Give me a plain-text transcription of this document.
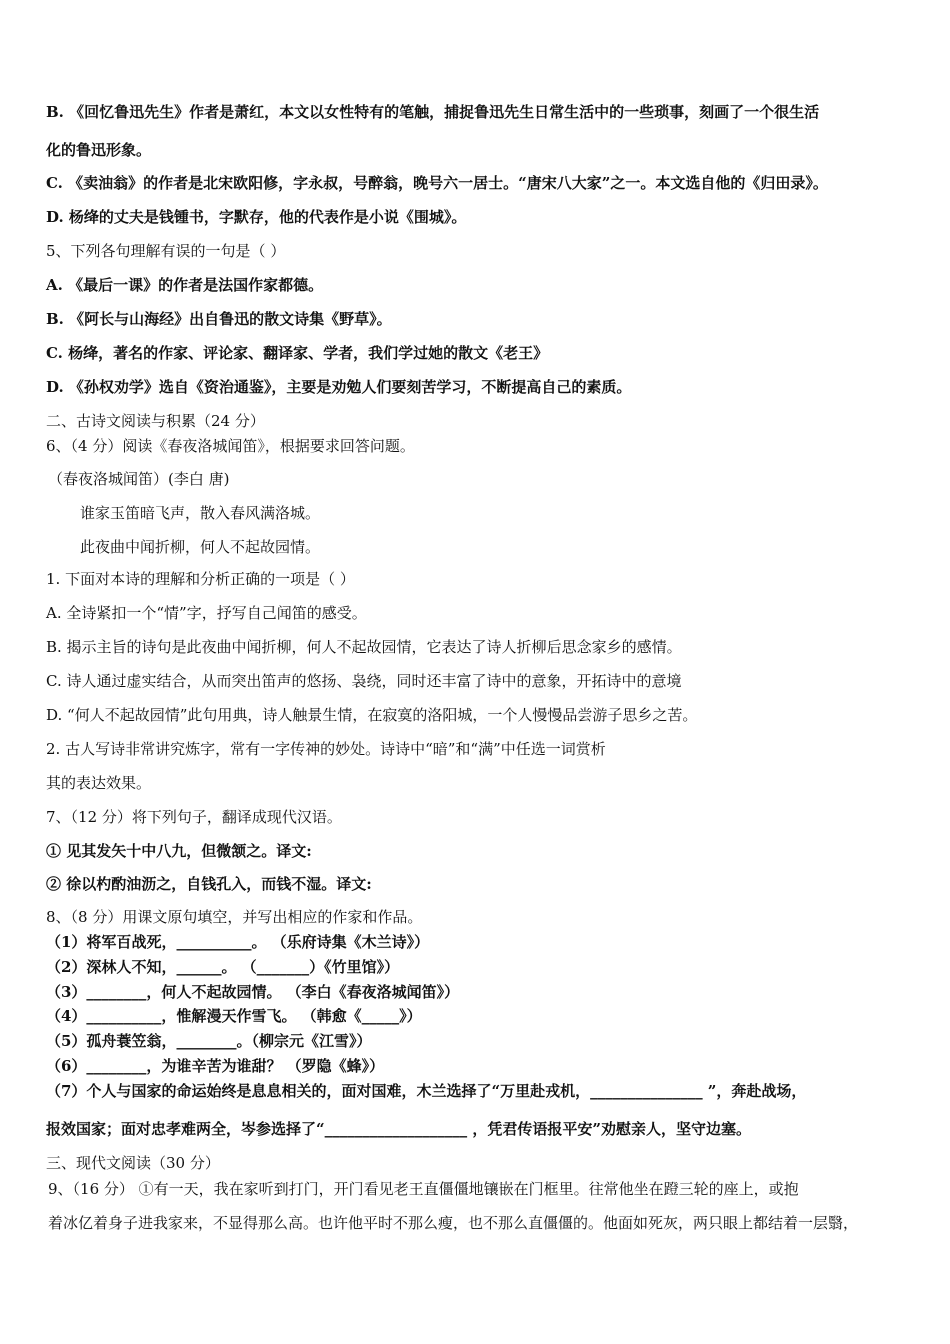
B. 《回忆鲁迅先生》作者是萧红，本文以女性特有的笔触，捕捉鲁迅先生日常生活中的一些琐事，刻画了一个很生活
化的鲁迅形象。
C. 《卖油翁》的作者是北宋欧阳修，字永叔，号醉翁，晚号六一居士。“唐宋八大家”之一。本文选自他的《归田录》。
D. 杨绛的丈夫是钱锺书，字默存，他的代表作是小说《围城》。
5、下列各句理解有误的一句是（ ）
A. 《最后一课》的作者是法国作家都德。
B. 《阿长与山海经》出自鲁迅的散文诗集《野草》。
C. 杨绛，著名的作家、评论家、翻译家、学者，我们学过她的散文《老王》
D. 《孙权劝学》选自《资治通鉴》，主要是劝勉人们要刻苦学习，不断提高自己的素质。
二、古诗文阅读与积累（24 分）
6、（4 分）阅读《春夜洛城闻笛》，根据要求回答问题。
（春夜洛城闻笛）(李白 唐)
谁家玉笛暗飞声，散入春风满洛城。
此夜曲中闻折柳，何人不起故园情。
1. 下面对本诗的理解和分析正确的一项是（ ）
A. 全诗紧扣一个“情”字，抒写自己闻笛的感受。
B. 揭示主旨的诗句是此夜曲中闻折柳，何人不起故园情，它表达了诗人折柳后思念家乡的感情。
C. 诗人通过虚实结合，从而突出笛声的悠扬、袅绕，同时还丰富了诗中的意象，开拓诗中的意境
D. “何人不起故园情”此句用典，诗人触景生情，在寂寞的洛阳城，一个人慢慢品尝游子思乡之苦。
2. 古人写诗非常讲究炼字，常有一字传神的妙处。诗诗中“暗”和“满”中任选一词赏析
其的表达效果。
7、（12 分）将下列句子，翻译成现代汉语。
① 见其发矢十中八九，但微颔之。译文:
② 徐以杓酌油沥之，自钱孔入，而钱不湿。译文:
8、（8 分）用课文原句填空，并写出相应的作家和作品。
（1）将军百战死，__________。 （乐府诗集《木兰诗》）
（2）深林人不知，______。 （_______）《竹里馆》）
（3）________，何人不起故园情。 （李白《春夜洛城闻笛》）
（4）__________，惟解漫天作雪飞。 （韩愈《_____》）
（5）孤舟蓑笠翁，________。（柳宗元《江雪》）
（6）________，为谁辛苦为谁甜？ （罗隐《蜂》）
（7）个人与国家的命运始终是息息相关的，面对国难，木兰选择了“万里赴戎机，_______________ ”，奔赴战场，
报效国家；面对忠孝难两全，岑参选择了“___________________ ，凭君传语报平安”劝慰亲人，坚守边塞。
三、现代文阅读（30 分）
9、（16 分） ①有一天，我在家听到打门，开门看见老王直僵僵地镶嵌在门框里。往常他坐在蹬三轮的座上，或抱
着冰亿着身子进我家来，不显得那么高。也许他平时不那么瘦，也不那么直僵僵的。他面如死灰，两只眼上都结着一层翳，
